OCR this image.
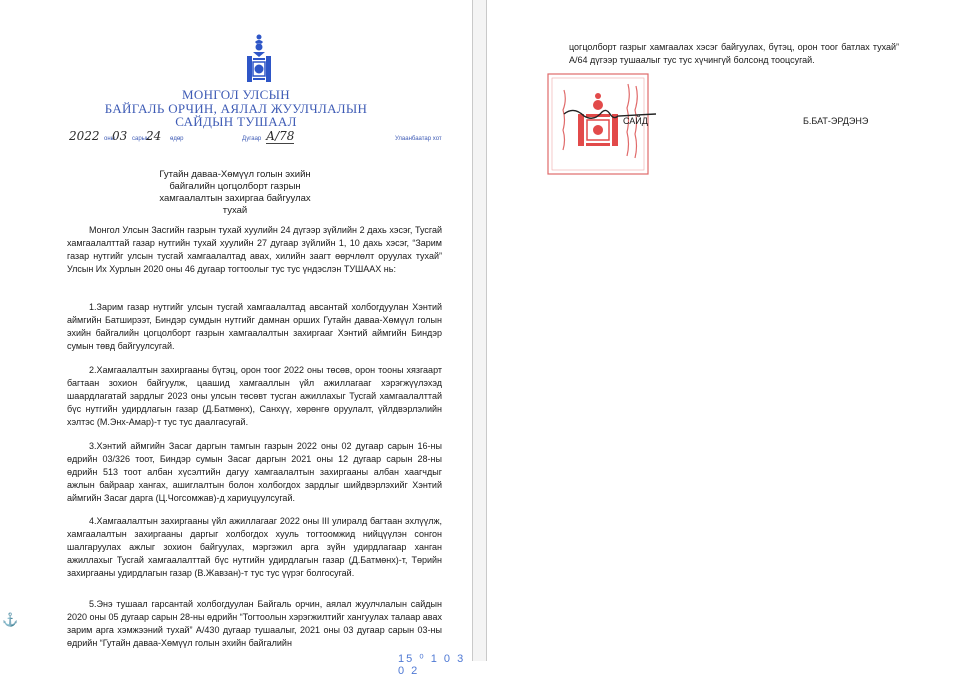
МОНГОЛ УЛСЫН
БАЙГАЛЬ ОРЧИН, АЯЛАЛ ЖУУЛЧЛАЛЫН
САЙДЫН ТУШААЛ
2022 оны
03 сарын
24 өдөр	Дугаар А/78	Улаанбаатар хот
Гутайн даваа-Хөмүүл голын эхийн байгалийн цогцолборт газрын хамгаалалтын захиргаа байгуулах тухай

Монгол Улсын Засгийн газрын тухай хуулийн 24 дүгээр зүйлийн 2 дахь хэсэг, Тусгай хамгаалалттай газар нутгийн тухай хуулийн 27 дугаар зүйлийн 1, 10 дахь хэсэг, “Зарим газар нутгийг улсын тусгай хамгаалалтад авах, хилийн заагт өөрчлөлт оруулах тухай” Улсын Их Хурлын 2020 оны 46 дугаар тогтоолыг тус тус үндэслэн ТУШААХ нь:

1.Зарим газар нутгийг улсын тусгай хамгаалалтад авсантай холбогдуулан Хэнтий аймгийн Батширээт, Биндэр сумдын нутгийг дамнан орших Гутайн даваа-Хөмүүл голын эхийн байгалийн цогцолборт газрын хамгаалалтын захиргааг Хэнтий аймгийн Биндэр сумын төвд байгуулсугай.

2.Хамгаалалтын захиргааны бүтэц, орон тоог 2022 оны төсөв, орон тооны хязгаарт багтаан зохион байгуулж, цаашид хамгааллын үйл ажиллагааг хэрэгжүүлэхэд шаардлагатай зардлыг 2023 оны улсын төсөвт тусган ажиллахыг Тусгай хамгаалалттай бүс нутгийн удирдлагын газар (Д.Батмөнх), Санхүү, хөрөнгө оруулалт, үйлдвэрлэлийн хэлтэс (М.Энх-Амар)-т тус тус даалгасугай.

3.Хэнтий аймгийн Засаг даргын тамгын газрын 2022 оны 02 дугаар сарын 16-ны өдрийн 03/326 тоот, Биндэр сумын Засаг даргын 2021 оны 12 дугаар сарын 28-ны өдрийн 513 тоот албан хүсэлтийн дагуу хамгаалалтын захиргааны албан хаагчдыг ажлын байраар хангах, ашиглалтын болон холбогдох зардлыг шийдвэрлэхийг Хэнтий аймгийн Засаг дарга (Ц.Чогсомжав)-д хариуцуулсугай.

4.Хамгаалалтын захиргааны үйл ажиллагааг 2022 оны III улиралд багтаан эхлүүлж, хамгаалалтын захиргааны даргыг холбогдох хууль тогтоомжид нийцүүлэн сонгон шалгаруулах ажлыг зохион байгуулах, мэргэжил арга зүйн удирдлагаар ханган ажиллахыг Тусгай хамгаалалттай бүс нутгийн удирдлагын газар (Д.Батмөнх)-т, Төрийн захиргааны удирдлагын газар (В.Жавзан)-т тус тус үүрэг болгосугай.

5.Энэ тушаал гарсантай холбогдуулан Байгаль орчин, аялал жуулчлалын сайдын 2020 оны 05 дугаар сарын 28-ны өдрийн “Тогтоолын хэрэгжилтийг хангуулах талаар авах зарим арга хэмжээний тухай” А/430 дугаар тушаалыг, 2021 оны 03 дугаар сарын 03-ны өдрийн “Гутайн даваа-Хөмүүл голын эхийн байгалийн

⚓
15 ⁰ 1 0 3 0 2

цогцолборт газрыг хамгаалах хэсэг байгуулах, бүтэц, орон тоог батлах тухай” А/64 дүгээр тушаалыг тус тус хүчингүй болсонд тооцсугай.

САЙД	Б.БАТ-ЭРДЭНЭ
